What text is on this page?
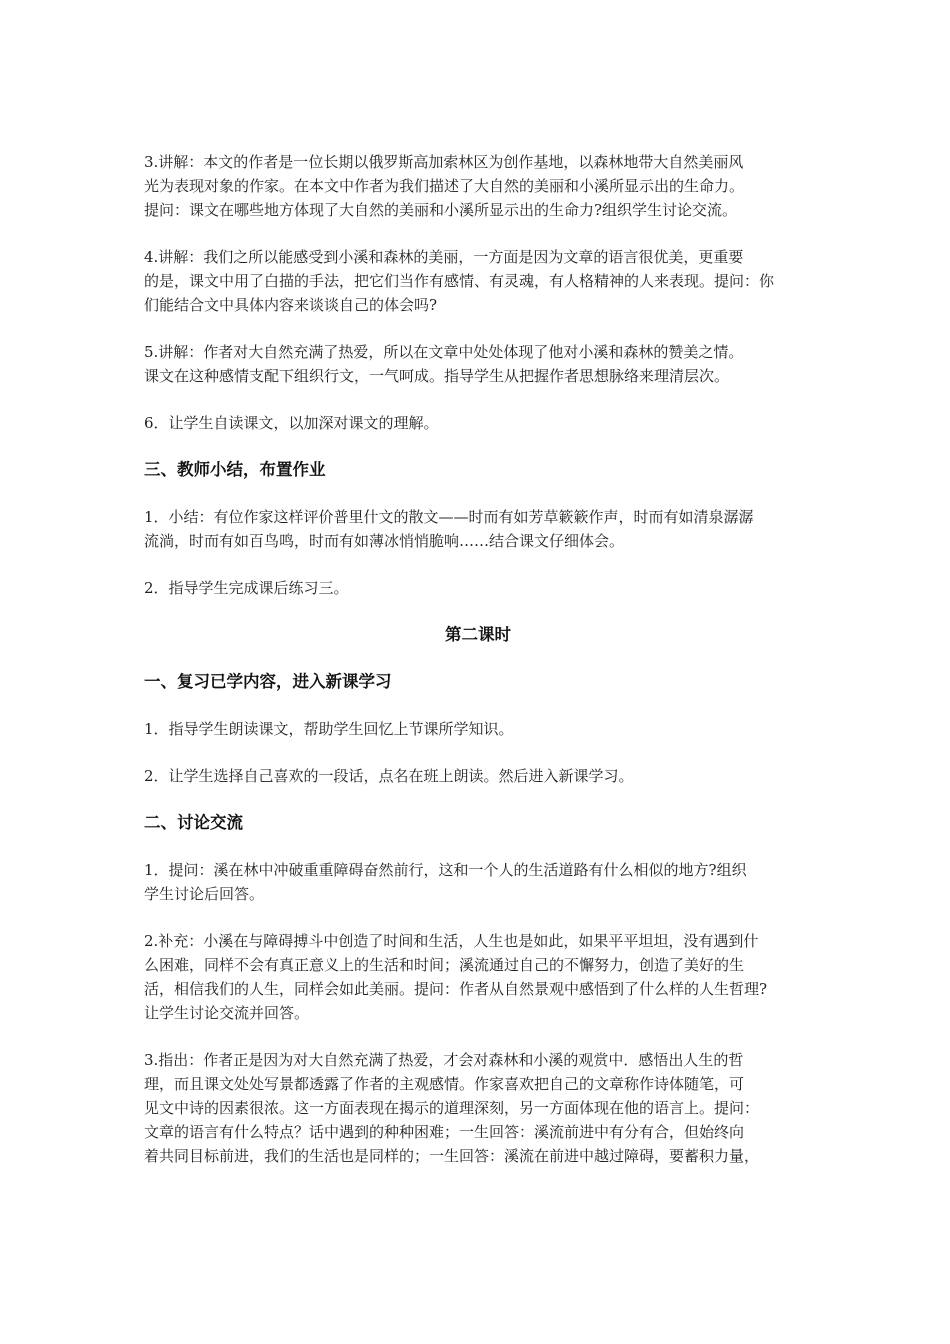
3.讲解：本文的作者是一位长期以俄罗斯高加索林区为创作基地，以森林地带大自然美丽风
光为表现对象的作家。在本文中作者为我们描述了大自然的美丽和小溪所显示出的生命力。
提问：课文在哪些地方体现了大自然的美丽和小溪所显示出的生命力?组织学生讨论交流。
4.讲解：我们之所以能感受到小溪和森林的美丽，一方面是因为文章的语言很优美，更重要
的是，课文中用了白描的手法，把它们当作有感情、有灵魂，有人格精神的人来表现。提问：你
们能结合文中具体内容来谈谈自己的体会吗?
5.讲解：作者对大自然充满了热爱，所以在文章中处处体现了他对小溪和森林的赞美之情。
课文在这种感情支配下组织行文，一气呵成。指导学生从把握作者思想脉络来理清层次。
6．让学生自读课文，以加深对课文的理解。
三、教师小结，布置作业
1．小结：有位作家这样评价普里什文的散文——时而有如芳草簌簌作声，时而有如清泉潺潺
流淌，时而有如百鸟鸣，时而有如薄冰悄悄脆响……结合课文仔细体会。
2．指导学生完成课后练习三。
第二课时
一、复习已学内容，进入新课学习
1．指导学生朗读课文，帮助学生回忆上节课所学知识。
2．让学生选择自己喜欢的一段话，点名在班上朗读。然后进入新课学习。
二、讨论交流
1．提问：溪在林中冲破重重障碍奋然前行，这和一个人的生活道路有什么相似的地方?组织
学生讨论后回答。
2.补充：小溪在与障碍搏斗中创造了时间和生活，人生也是如此，如果平平坦坦，没有遇到什
么困难，同样不会有真正意义上的生活和时间；溪流通过自己的不懈努力，创造了美好的生
活，相信我们的人生，同样会如此美丽。提问：作者从自然景观中感悟到了什么样的人生哲理?
让学生讨论交流并回答。
3.指出：作者正是因为对大自然充满了热爱，才会对森林和小溪的观赏中．感悟出人生的哲
理，而且课文处处写景都透露了作者的主观感情。作家喜欢把自己的文章称作诗体随笔，可
见文中诗的因素很浓。这一方面表现在揭示的道理深刻，另一方面体现在他的语言上。提问：
文章的语言有什么特点？话中遇到的种种困难；一生回答：溪流前进中有分有合，但始终向
着共同目标前进，我们的生活也是同样的；一生回答：溪流在前进中越过障碍，要蓄积力量，
